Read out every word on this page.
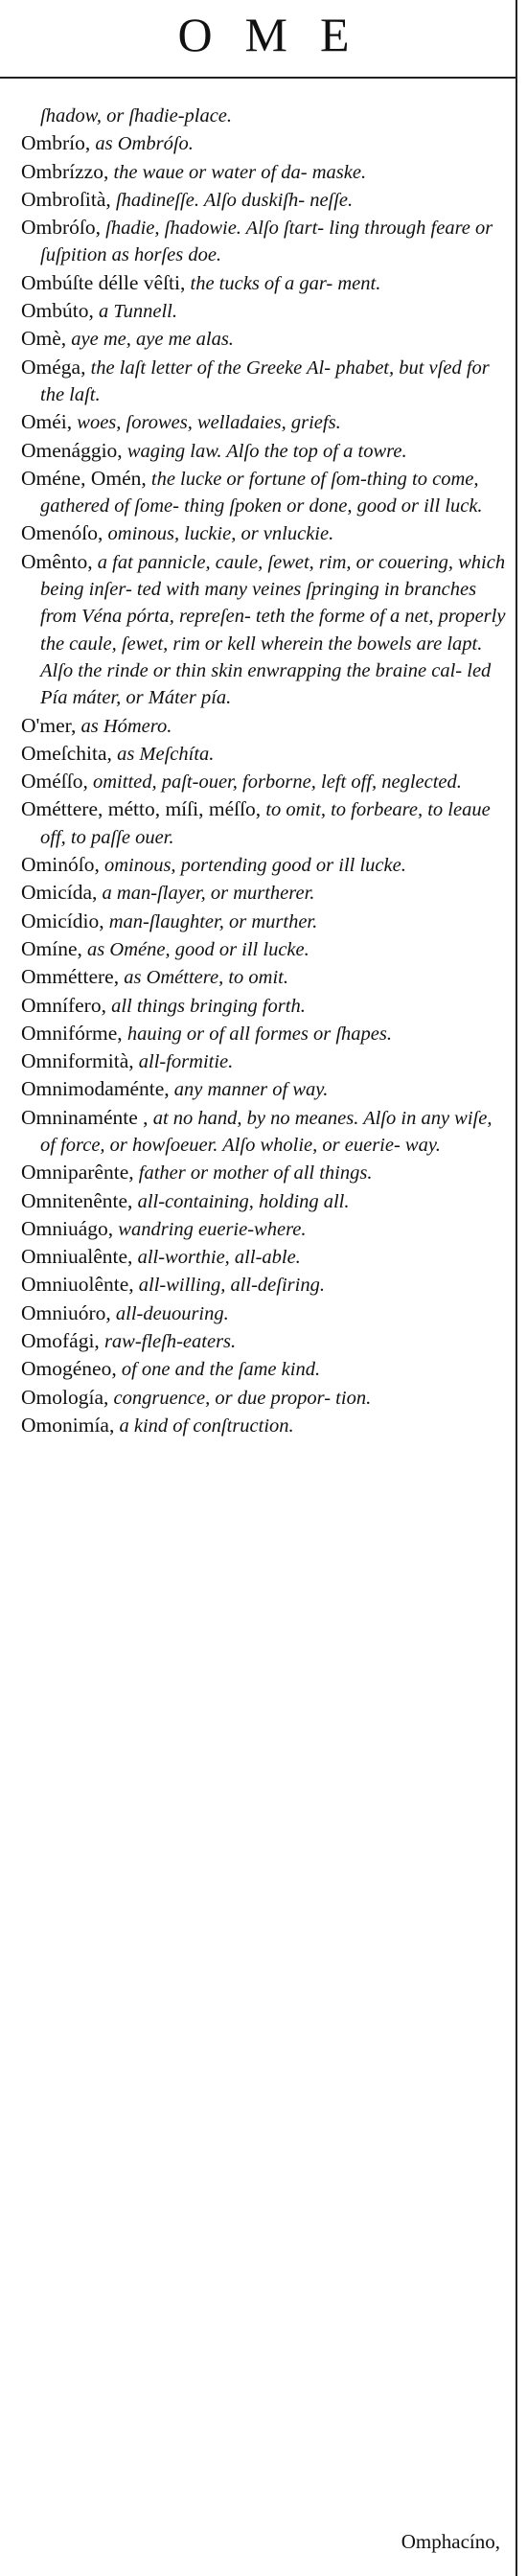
OME

ſhadow, or ſhadie-place.

Ombrío, as Ombróſo.

Ombrízzo, the waue or water of da- maske.

Ombroſità, ſhadineſſe. Alſo duskiſh- neſſe.

Ombróſo, ſhadie, ſhadowie. Alſo ſtart- ling through feare or ſuſpition as horſes doe.

Ombúſte délle vêſti, the tucks of a gar- ment.

Ombúto, a Tunnell.

Omè, aye me, aye me alas.

Oméga, the laſt letter of the Greeke Al- phabet, but vſed for the laſt.

Oméi, woes, ſorowes, welladaies, griefs.

Omenággio, waging law. Alſo the top of a towre.

Oméne, Omén, the lucke or fortune of ſom-thing to come, gathered of ſome- thing ſpoken or done, good or ill luck.

Omenóſo, ominous, luckie, or vnluckie.

Omênto, a fat pannicle, caule, ſewet, rim, or couering, which being inſer- ted with many veines ſpringing in branches from Véna pórta, repreſen- teth the forme of a net, properly the caule, ſewet, rim or kell wherein the bowels are lapt. Alſo the rinde or thin skin enwrapping the braine cal- led Pía máter, or Máter pía.

O'mer, as Hómero.

Omeſchita, as Meſchíta.

Oméſſo, omitted, paſt-ouer, forborne, left off, neglected.

Ométtere, métto, míſi, méſſo, to omit, to forbeare, to leaue off, to paſſe ouer.

Ominóſo, ominous, portending good or ill lucke.

Omicída, a man-ſlayer, or murtherer.

Omicídio, man-ſlaughter, or murther.

Omíne, as Oméne, good or ill lucke.

Omméttere, as Ométtere, to omit.

Omnífero, all things bringing forth.

Omnifórme, hauing or of all formes or ſhapes.

Omniformità, all-formitie.

Omnimodaménte, any manner of way.

Omninaménte , at no hand, by no meanes. Alſo in any wiſe, of force, or howſoeuer. Alſo wholie, or euerie- way.

Omniparênte, father or mother of all things.

Omnitenênte, all-containing, holding all.

Omniuágo, wandring euerie-where.

Omniualênte, all-worthie, all-able.

Omniuolênte, all-willing, all-deſiring.

Omniuóro, all-deuouring.

Omofági, raw-fleſh-eaters.

Omogéneo, of one and the ſame kind.

Omología, congruence, or due propor- tion.

Omonimía, a kind of conſtruction.

Omphacíno,
